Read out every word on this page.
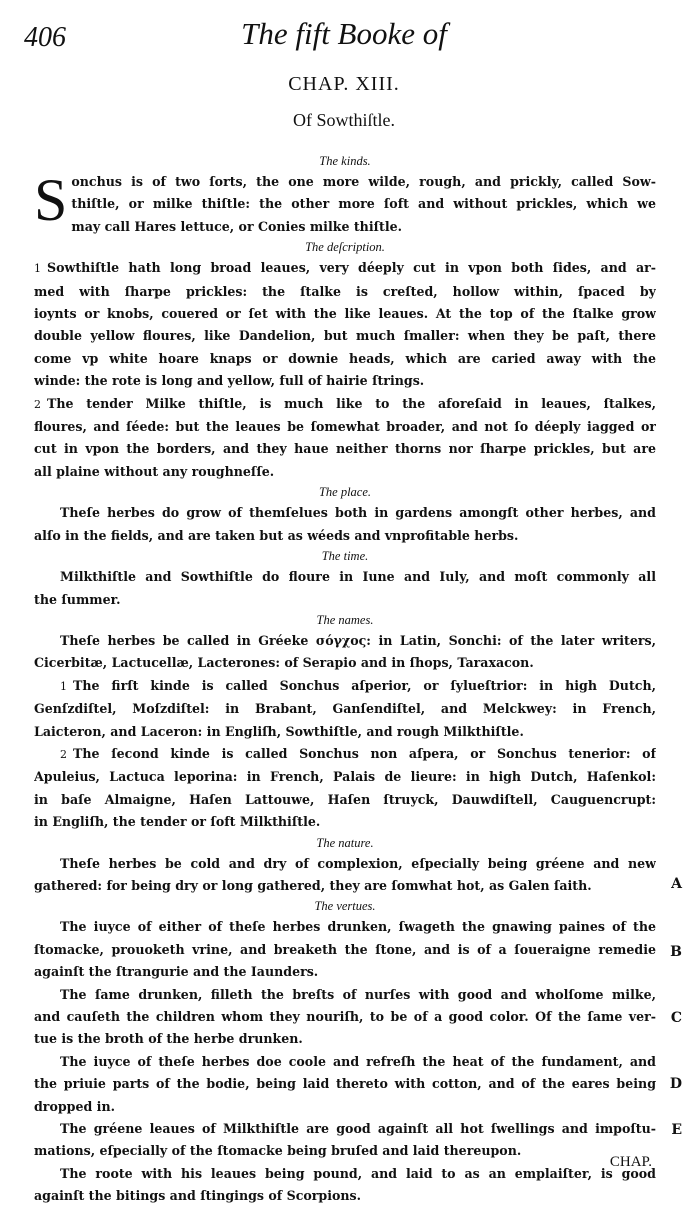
406	The fift Booke of
CHAP. XIII.
Of Sowthiſtle.

The kinds.

S onchus is of two ſorts, the one more wilde, rough, and prickly, called Sow-
thiſtle, or milke thiſtle: the other more ſoft and without prickles, which we
may call Hares lettuce, or Conies milke thiſtle.

The deſcription.

1 Sowthiſtle hath long broad leaues, very déeply cut in vpon both ſides, and ar-
med with ſharpe prickles: the ſtalke is creſted, hollow within, ſpaced by
ioynts or knobs, couered or ſet with the like leaues. At the top of the ſtalke grow
double yellow floures, like Dandelion, but much ſmaller: when they be paſt, there
come vp white hoare knaps or downie heads, which are caried away with the
winde: the rote is long and yellow, full of hairie ſtrings.
2 The tender Milke thiſtle, is much like to the aforeſaid in leaues, ſtalkes,
floures, and ſéede: but the leaues be ſomewhat broader, and not ſo déeply iagged or
cut in vpon the borders, and they haue neither thorns nor ſharpe prickles, but are
all plaine without any roughneſſe.

The place.

Theſe herbes do grow of themſelues both in gardens amongſt other herbes, and
alſo in the fields, and are taken but as wéeds and vnprofitable herbs.

The time.

Milkthiſtle and Sowthiſtle do floure in Iune and Iuly, and moſt commonly all
the ſummer.

The names.

Theſe herbes be called in Gréeke σόγχος: in Latin, Sonchi: of the later writers,
Cicerbitæ, Lactucellæ, Lacterones: of Serapio and in ſhops, Taraxacon.
1 The firſt kinde is called Sonchus aſperior, or ſylueſtrior: in high Dutch,
Genſzdiſtel, Moſzdiſtel: in Brabant, Ganſendiſtel, and Melckwey: in French,
Laicteron, and Laceron: in Engliſh, Sowthiſtle, and rough Milkthiſtle.
2 The ſecond kinde is called Sonchus non aſpera, or Sonchus tenerior: of
Apuleius, Lactuca leporina: in French, Palais de lieure: in high Dutch, Haſenkol:
in baſe Almaigne, Haſen Lattouwe, Haſen ſtruyck, Dauwdiſtell, Cauguencrupt:
in Engliſh, the tender or ſoft Milkthiſtle.

The nature.

Theſe herbes be cold and dry of complexion, eſpecially being gréene and new
gathered: for being dry or long gathered, they are ſomwhat hot, as Galen ſaith.

The vertues.

The iuyce of either of theſe herbes drunken, ſwageth the gnawing paines of the
ſtomacke, prouoketh vrine, and breaketh the ſtone, and is of a ſoueraigne remedie
againſt the ſtrangurie and the Iaunders.
The ſame drunken, filleth the breſts of nurſes with good and wholſome milke,
and cauſeth the children whom they nouriſh, to be of a good color. Of the ſame ver-
tue is the broth of the herbe drunken.
The iuyce of theſe herbes doe coole and refreſh the heat of the fundament, and
the priuie parts of the bodie, being laid thereto with cotton, and of the eares being
dropped in.
The gréene leaues of Milkthiſtle are good againſt all hot ſwellings and impoſtu-
mations, eſpecially of the ſtomacke being bruſed and laid thereupon.
The roote with his leaues being pound, and laid to as an emplaiſter, is good
againſt the bitings and ſtingings of Scorpions.
A
B
C
D
E
CHAP.
